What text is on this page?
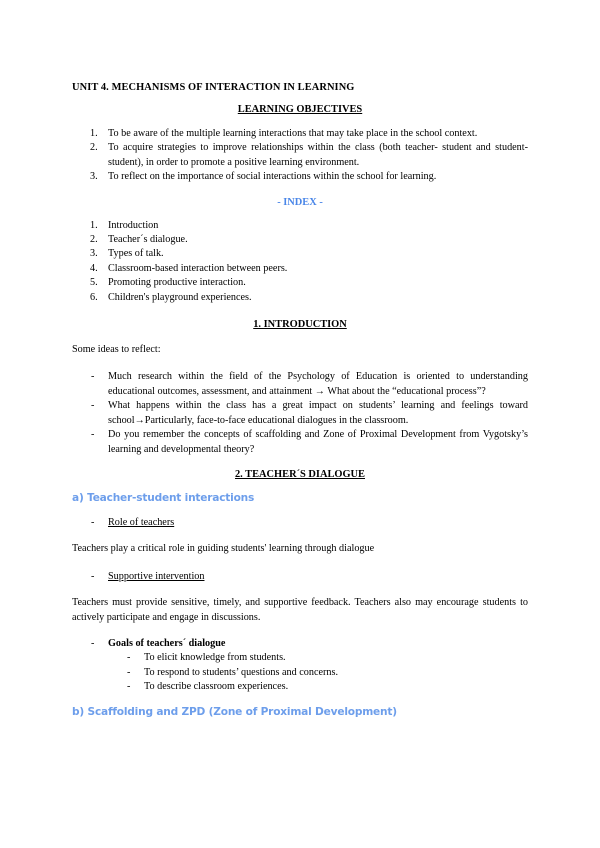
UNIT 4. MECHANISMS OF INTERACTION IN LEARNING
LEARNING OBJECTIVES
1. To be aware of the multiple learning interactions that may take place in the school context.
2. To acquire strategies to improve relationships within the class (both teacher- student and student-student), in order to promote a positive learning environment.
3. To reflect on the importance of social interactions within the school for learning.
- INDEX -
1. Introduction
2. Teacher´s dialogue.
3. Types of talk.
4. Classroom-based interaction between peers.
5. Promoting productive interaction.
6. Children's playground experiences.
1. INTRODUCTION

Some ideas to reflect:

- Much research within the field of the Psychology of Education is oriented to understanding educational outcomes, assessment, and attainment → What about the “educational process”?
- What happens within the class has a great impact on students’ learning and feelings toward school→Particularly, face-to-face educational dialogues in the classroom.
- Do you remember the concepts of scaffolding and Zone of Proximal Development from Vygotsky’s learning and developmental theory?
2. TEACHER´S DIALOGUE

a) Teacher-student interactions

- Role of teachers

Teachers play a critical role in guiding students' learning through dialogue

- Supportive intervention

Teachers must provide sensitive, timely, and supportive feedback. Teachers also may encourage students to actively participate and engage in discussions.

- Goals of teachers´ dialogue
- To elicit knowledge from students.
- To respond to students’ questions and concerns.
- To describe classroom experiences.

b) Scaffolding and ZPD (Zone of Proximal Development)
